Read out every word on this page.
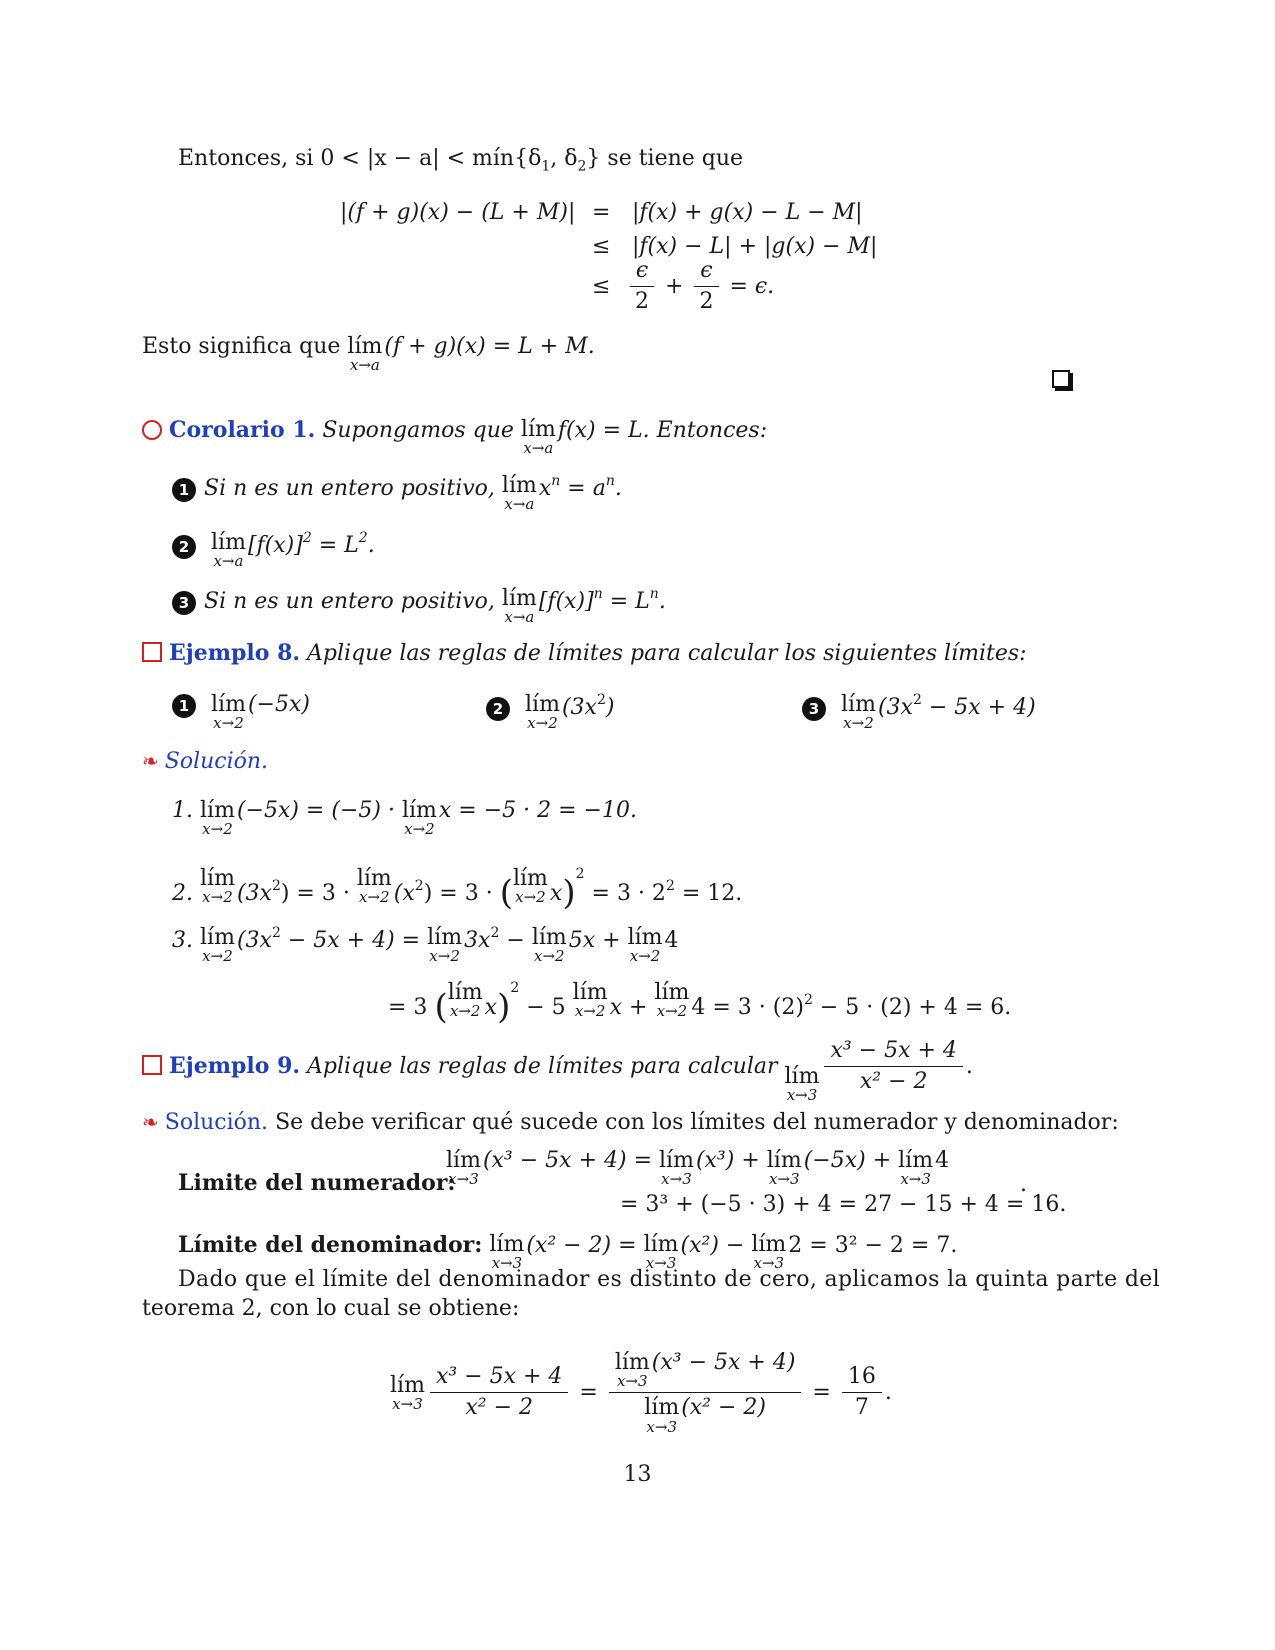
Entonces, si $0 < |x - a| < mín\{\delta_1$, $\delta_2$} se tiene que
|(f + g)(x) − (L + M)| = |f(x) + g(x) − L − M|
≤ |f(x) − L| + |g(x) − M|
≤ $\frac{\epsilon}{2} + \frac{\epsilon}{2} = \epsilon$.
Esto significa que lím
x→a
(f + g)(x) = L + M.
Corolario 1. Supongamos que lím
x→a
f(x) = L. Entonces:
1 Si n es un entero positivo, lím
x→a
$x^n = a^n$.
2 lím
x→a
$[f(x)]^2 = L^2$.
3 Si n es un entero positivo, lím
x→a
$[f(x)]^n = L^n$.
Ejemplo 8. Aplique las reglas de límites para calcular los siguientes límites:
1 lím
x→2
(−5x)	2 lím
x→2
$(3x^2)$	3 lím
x→2
$(3x^2 - 5x + 4)$
❧ Solución.
1. lím
x→2
(−5x) = (−5) · lím
x→2
x = −5 · 2 = −10.
2.
lím
x→2 $(3x^2) = 3$ ·
lím
x→2 $(x^2) = 3$ · ( lím
x→2 $x)^2 = 3 \cdot 2^2 = 12$.
3. lím
x→2
$(3x^2 - 5x + 4)$ = lím
x→2
$3x^2$ − lím
x→2
5x + lím
x→2
4
= 3 ( lím
x→2 x)$^2$ − 5
lím
x→2 x +
lím
x→2 $4 = 3 \cdot (2)^2 - 5 \cdot (2) + 4 = 6$.
Ejemplo 9. Aplique las reglas de límites para calcular lím
$x\to 3 \frac{\text{x³ − 5x + 4}}{\text{x² − 2}}$ .
❧ Solución. Se debe verificar qué sucede con los límites del numerador y denominador:
Limite del numerador:
lím
x→3
(x³ − 5x + 4) = lím
x→3
(x³) + lím
x→3
(−5x) + lím
x→3
4
= 3³ + (−5 · 3) + 4 = 27 − 15 + 4 = 16.
.
Límite del denominador: lím
x→3
(x² − 2) = lím
x→3
(x²) − lím
x→3
2 = 3² − 2 = 7.
Dado que el límite del denominador es distinto de cero, aplicamos la quinta parte del
teorema 2, con lo cual se obtiene:
lím
$x\to 3 \frac{\text{x³ − 5x + 4}}{\text{x² − 2}}$ = lím
x→3
(x³ − 5x + 4)
lím
x→3
$(x^2 - 2) = \frac{16}{7}$ .
13
